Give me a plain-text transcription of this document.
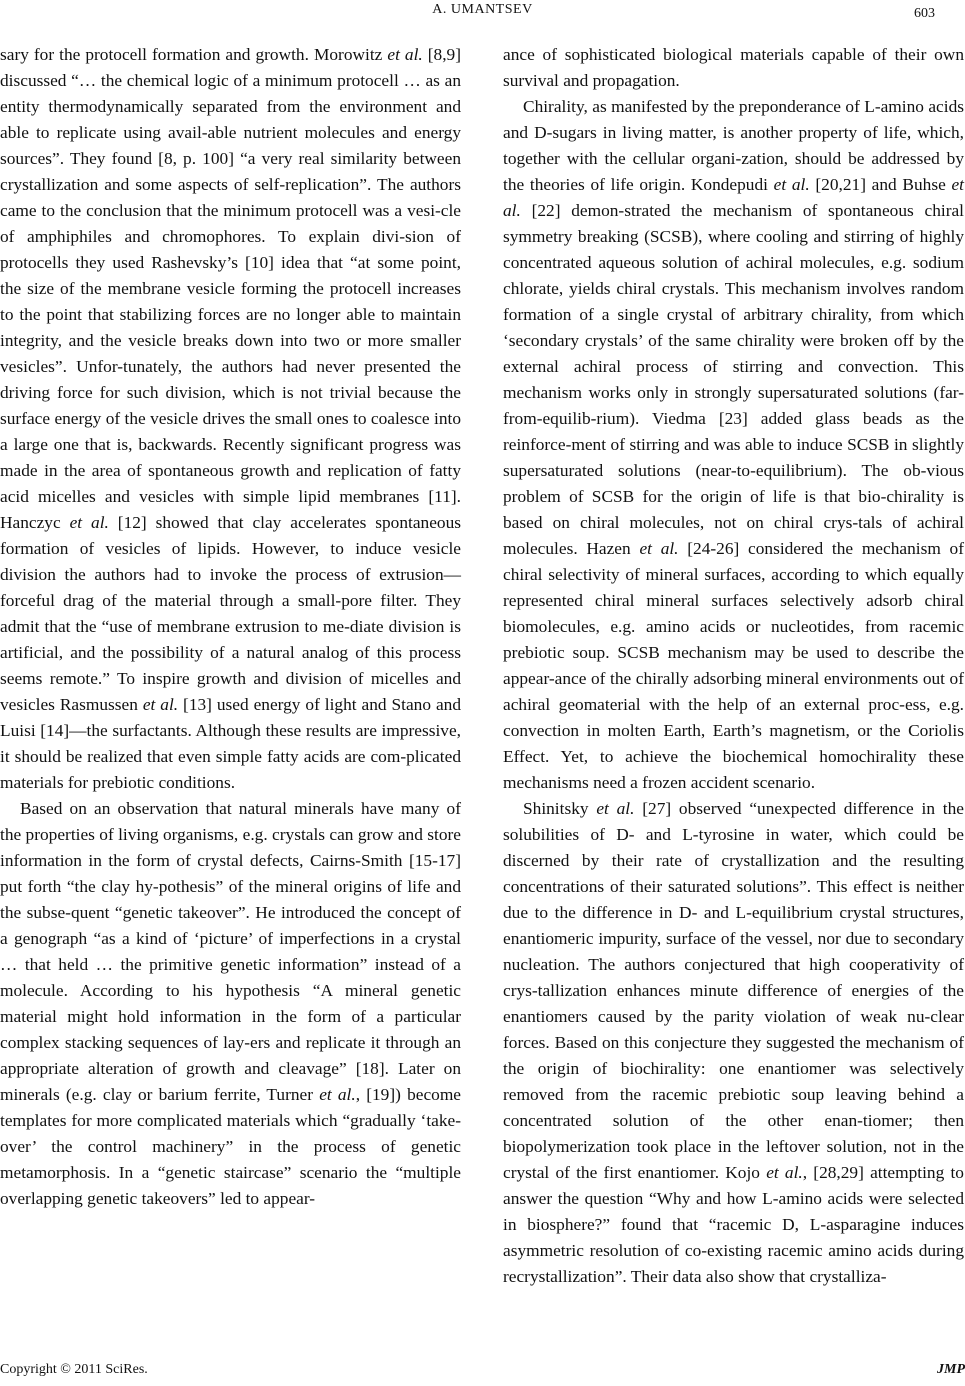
A. UMANTSEV	603

sary for the protocell formation and growth. Morowitz et al. [8,9] discussed “… the chemical logic of a minimum protocell … as an entity thermodynamically separated from the environment and able to replicate using avail-able nutrient molecules and energy sources”. They found [8, p. 100] “a very real similarity between crystallization and some aspects of self-replication”. The authors came to the conclusion that the minimum protocell was a vesi-cle of amphiphiles and chromophores. To explain divi-sion of protocells they used Rashevsky’s [10] idea that “at some point, the size of the membrane vesicle forming the protocell increases to the point that stabilizing forces are no longer able to maintain integrity, and the vesicle breaks down into two or more smaller vesicles”. Unfor-tunately, the authors had never presented the driving force for such division, which is not trivial because the surface energy of the vesicle drives the small ones to coalesce into a large one that is, backwards. Recently significant progress was made in the area of spontaneous growth and replication of fatty acid micelles and vesicles with simple lipid membranes [11]. Hanczyc et al. [12] showed that clay accelerates spontaneous formation of vesicles of lipids. However, to induce vesicle division the authors had to invoke the process of extrusion—forceful drag of the material through a small-pore filter. They admit that the “use of membrane extrusion to me-diate division is artificial, and the possibility of a natural analog of this process seems remote.” To inspire growth and division of micelles and vesicles Rasmussen et al. [13] used energy of light and Stano and Luisi [14]—the surfactants. Although these results are impressive, it should be realized that even simple fatty acids are com-plicated materials for prebiotic conditions.

Based on an observation that natural minerals have many of the properties of living organisms, e.g. crystals can grow and store information in the form of crystal defects, Cairns-Smith [15-17] put forth “the clay hy-pothesis” of the mineral origins of life and the subse-quent “genetic takeover”. He introduced the concept of a genograph “as a kind of ‘picture’ of imperfections in a crystal … that held … the primitive genetic information” instead of a molecule. According to his hypothesis “A mineral genetic material might hold information in the form of a particular complex stacking sequences of lay-ers and replicate it through an appropriate alteration of growth and cleavage” [18]. Later on minerals (e.g. clay or barium ferrite, Turner et al., [19]) become templates for more complicated materials which “gradually ‘take-over’ the control machinery” in the process of genetic metamorphosis. In a “genetic staircase” scenario the “multiple overlapping genetic takeovers” led to appear-

ance of sophisticated biological materials capable of their own survival and propagation.

Chirality, as manifested by the preponderance of L-amino acids and D-sugars in living matter, is another property of life, which, together with the cellular organi-zation, should be addressed by the theories of life origin. Kondepudi et al. [20,21] and Buhse et al. [22] demon-strated the mechanism of spontaneous chiral symmetry breaking (SCSB), where cooling and stirring of highly concentrated aqueous solution of achiral molecules, e.g. sodium chlorate, yields chiral crystals. This mechanism involves random formation of a single crystal of arbitrary chirality, from which ‘secondary crystals’ of the same chirality were broken off by the external achiral process of stirring and convection. This mechanism works only in strongly supersaturated solutions (far-from-equilib-rium). Viedma [23] added glass beads as the reinforce-ment of stirring and was able to induce SCSB in slightly supersaturated solutions (near-to-equilibrium). The ob-vious problem of SCSB for the origin of life is that bio-chirality is based on chiral molecules, not on chiral crys-tals of achiral molecules. Hazen et al. [24-26] considered the mechanism of chiral selectivity of mineral surfaces, according to which equally represented chiral mineral surfaces selectively adsorb chiral biomolecules, e.g. amino acids or nucleotides, from racemic prebiotic soup. SCSB mechanism may be used to describe the appear-ance of the chirally adsorbing mineral environments out of achiral geomaterial with the help of an external proc-ess, e.g. convection in molten Earth, Earth’s magnetism, or the Coriolis Effect. Yet, to achieve the biochemical homochirality these mechanisms need a frozen accident scenario.

Shinitsky et al. [27] observed “unexpected difference in the solubilities of D- and L-tyrosine in water, which could be discerned by their rate of crystallization and the resulting concentrations of their saturated solutions”. This effect is neither due to the difference in D- and L-equilibrium crystal structures, enantiomeric impurity, surface of the vessel, nor due to secondary nucleation. The authors conjectured that high cooperativity of crys-tallization enhances minute difference of energies of the enantiomers caused by the parity violation of weak nu-clear forces. Based on this conjecture they suggested the mechanism of the origin of biochirality: one enantiomer was selectively removed from the racemic prebiotic soup leaving behind a concentrated solution of the other enan-tiomer; then biopolymerization took place in the leftover solution, not in the crystal of the first enantiomer. Kojo et al., [28,29] attempting to answer the question “Why and how L-amino acids were selected in biosphere?” found that “racemic D, L-asparagine induces asymmetric resolution of co-existing racemic amino acids during recrystallization”. Their data also show that crystalliza-

Copyright © 2011 SciRes.	JMP
